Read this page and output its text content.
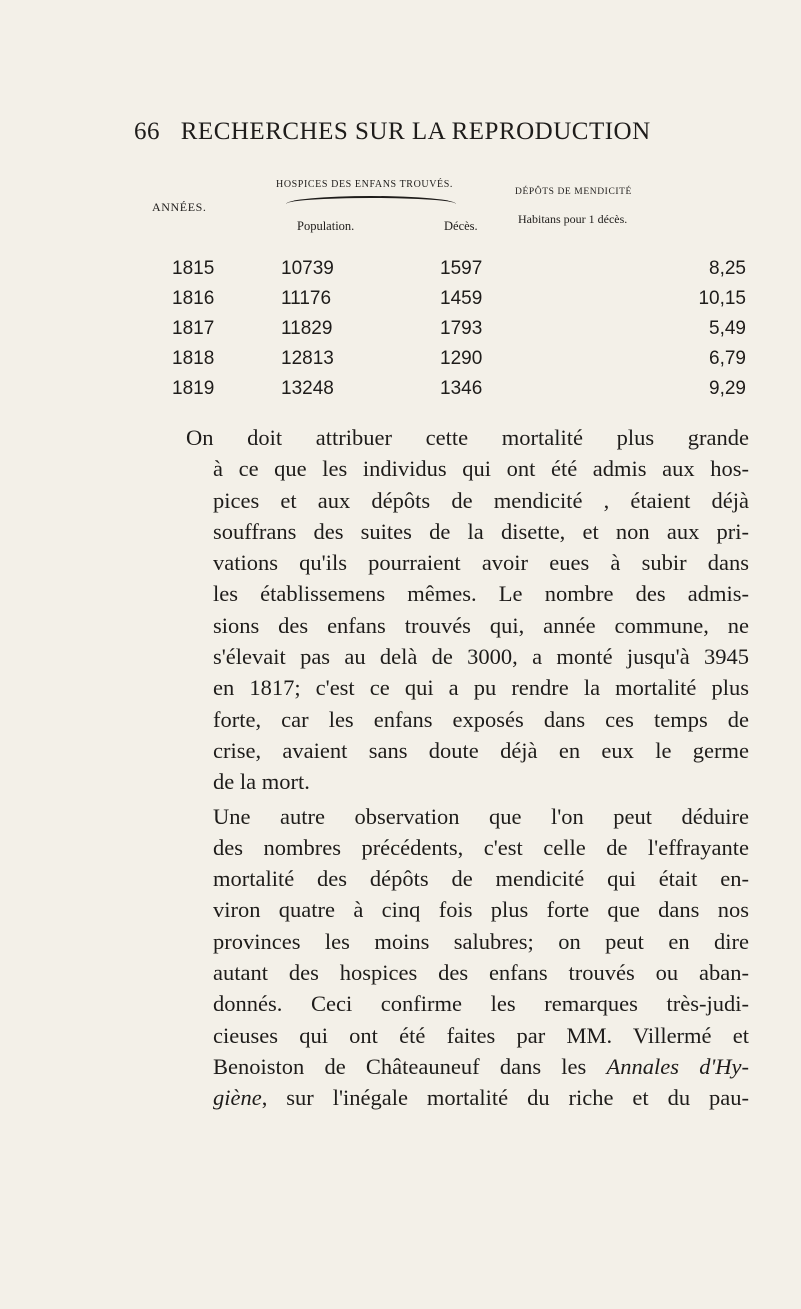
66 RECHERCHES SUR LA REPRODUCTION
ANNÉES.
HOSPICES DES ENFANS TROUVÉS.
DÉPÔTS DE MENDICITÉ
Population.	Décès.	Habitans pour 1 décès.
1815	10739	1597	8,25
1816	11176	1459	10,15
1817	11829	1793	5,49
1818	12813	1290	6,79
1819	13248	1346	9,29

On doit attribuer cette mortalité plus grande
à ce que les individus qui ont été admis aux hos-
pices et aux dépôts de mendicité , étaient déjà
souffrans des suites de la disette, et non aux pri-
vations qu'ils pourraient avoir eues à subir dans
les établissemens mêmes. Le nombre des admis-
sions des enfans trouvés qui, année commune, ne
s'élevait pas au delà de 3000, a monté jusqu'à 3945
en 1817; c'est ce qui a pu rendre la mortalité plus
forte, car les enfans exposés dans ces temps de
crise, avaient sans doute déjà en eux le germe
de la mort.

Une autre observation que l'on peut déduire
des nombres précédents, c'est celle de l'effrayante
mortalité des dépôts de mendicité qui était en-
viron quatre à cinq fois plus forte que dans nos
provinces les moins salubres; on peut en dire
autant des hospices des enfans trouvés ou aban-
donnés. Ceci confirme les remarques très-judi-
cieuses qui ont été faites par MM. Villermé et
Benoiston de Châteauneuf dans les Annales d'Hy-
giène, sur l'inégale mortalité du riche et du pau-
